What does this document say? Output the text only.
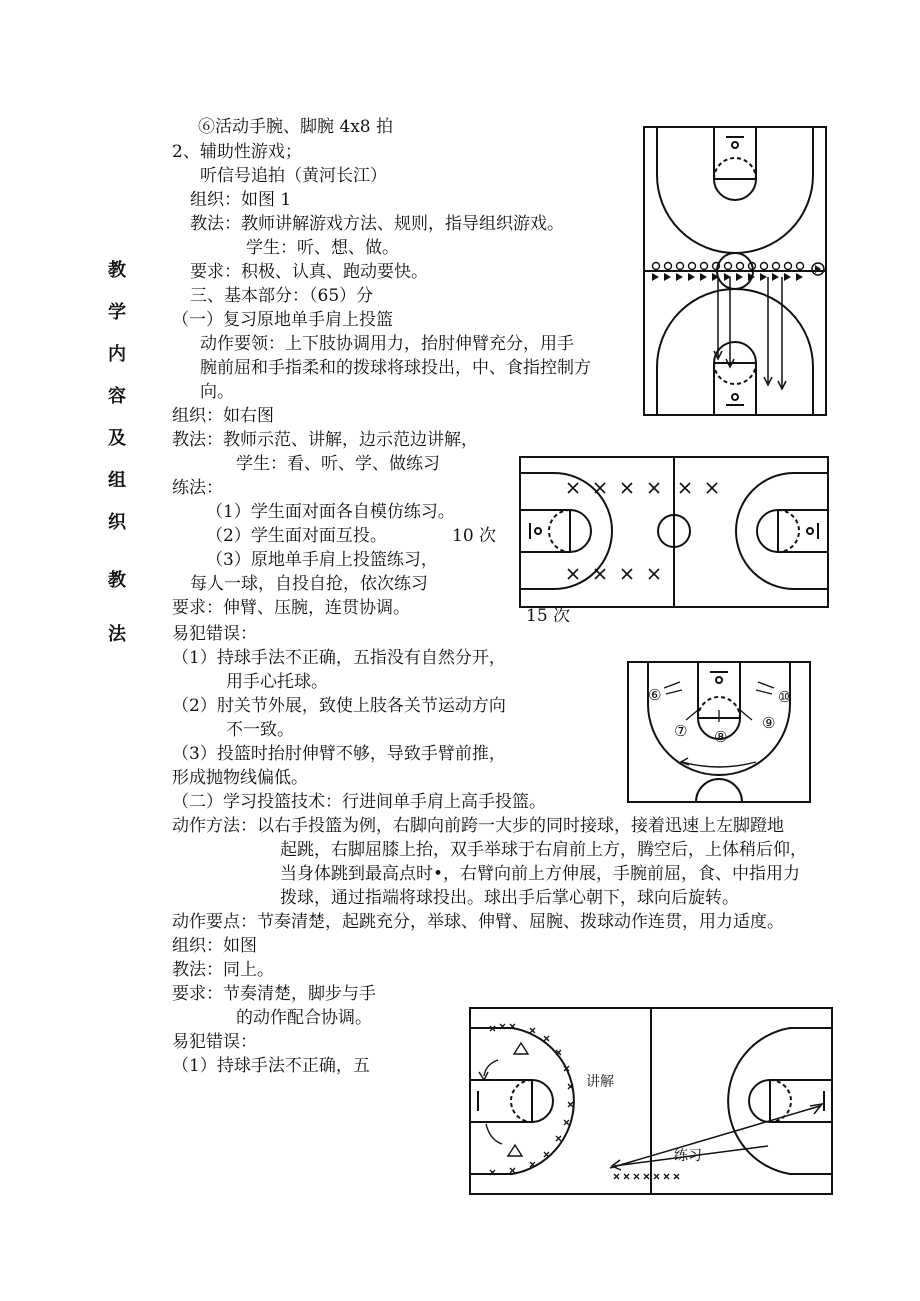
教
学
内
容
及
组
织
教
法
⑥活动手腕、脚腕 4x8 拍
2、辅助性游戏；
听信号追拍（黄河长江）
组织：如图 1
教法：教师讲解游戏方法、规则，指导组织游戏。
学生：听、想、做。
要求：积极、认真、跑动要快。
三、基本部分：（65）分
（一）复习原地单手肩上投篮
动作要领：上下肢协调用力，抬肘伸臂充分，用手
腕前屈和手指柔和的拨球将球投出，中、食指控制方
向。
组织：如右图
教法：教师示范、讲解，边示范边讲解，
学生：看、听、学、做练习
练法：
（1）学生面对面各自模仿练习。
（2）学生面对面互投。	10 次
（3）原地单手肩上投篮练习，
每人一球，自投自抢，依次练习
要求：伸臂、压腕，连贯协调。	15 次
易犯错误：
（1）持球手法不正确，五指没有自然分开，
用手心托球。
（2）肘关节外展，致使上肢各关节运动方向
不一致。
（3）投篮时抬肘伸臂不够，导致手臂前推，
形成抛物线偏低。
（二）学习投篮技术：行进间单手肩上高手投篮。
动作方法：以右手投篮为例，右脚向前跨一大步的同时接球，接着迅速上左脚蹬地
起跳，右脚屈膝上抬，双手举球于右肩前上方，腾空后，上体稍后仰，
当身体跳到最高点时•，右臂向前上方伸展，手腕前屈，食、中指用力
拨球，通过指端将球投出。球出手后掌心朝下，球向后旋转。
动作要点：节奏清楚，起跳充分，举球、伸臂、屈腕、拨球动作连贯，用力适度。
组织：如图
教法：同上。
要求：节奏清楚，脚步与手
的动作配合协调。
易犯错误：
（1）持球手法不正确，五
⑥
⑦ ⑧
⑨
⑩
讲解
练习
